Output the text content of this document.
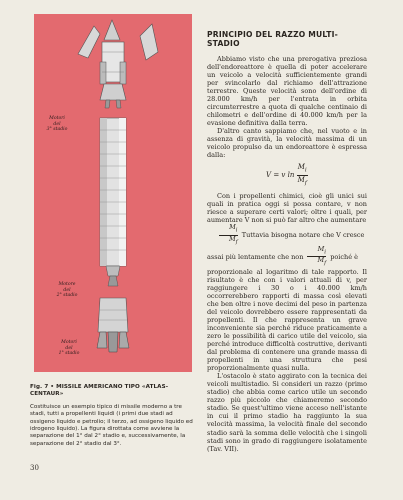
Motori
del
3° stadio
Motore
del
2° stadio
Motori
del
1° stadio
Fig. 7 • MISSILE AMERICANO TIPO «ATLAS-CENTAUR»
Costituisce un esempio tipico di missile moderno a tre stadi, tutti a propellenti liquidi (i primi due stadi ad ossigeno liquido e petrolio; il terzo, ad ossigeno liquido ed idrogeno liquido). La figura dirottata come avviene la separazione del 1° dal 2° stadio e, successivamente, la separazione del 2° stadio dal 3°.
30
PRINCIPIO DEL RAZZO MULTI-STADIO

Abbiamo visto che una prerogativa preziosa dell'endoreattore è quella di poter accelerare un veicolo a velocità sufficientemente grandi per svincolarlo dal richiamo dell'attrazione terrestre. Queste velocità sono dell'ordine di 28.000 km/h per l'entrata in orbita circumterrestre a quota di qualche centinaio di chilometri e dell'ordine di 40.000 km/h per la evasione definitiva dalla terra.

D'altro canto sappiamo che, nel vuoto e in assenza di gravità, la velocità massima di un veicolo propulso da un endoreattore è espressa dalla:

V = v $\ln \frac{M_i}{M_f}$

Con i propellenti chimici, cioè gli unici sui quali in pratica oggi si possa contare, v non riesce a superare certi valori; oltre i quali, per aumentare V non si può far altro che aumentare

$\frac{M_i}{M_f}$ Tuttavia bisogna notare che V cresce
assai più lentamente che non $\frac{M_i}{M_f}$ poiché è

proporzionale al logaritmo di tale rapporto. Il risultato è che con i valori attuali di v, per raggiungere i 30 o i 40.000 km/h occorrerebbero rapporti di massa così elevati che ben oltre i nove decimi del peso in partenza del veicolo dovrebbero essere rappresentati da propellenti. Il che rappresenta un grave inconveniente sia perché riduce praticamente a zero le possibilità di carico utile del veicolo, sia perché introduce difficoltà costruttive, derivanti dal problema di contenere una grande massa di propellenti in una struttura che pesi proporzionalmente quasi nulla.

L'ostacolo è stato aggirato con la tecnica dei veicoli multistadio. Si consideri un razzo (primo stadio) che abbia come carico utile un secondo razzo più piccolo che chiameremo secondo stadio. Se quest'ultimo viene acceso nell'istante in cui il primo stadio ha raggiunto la sua velocità massima, la velocità finale del secondo stadio sarà la somma delle velocità che i singoli stadi sono in grado di raggiungere isolatamente (Tav. VII).
